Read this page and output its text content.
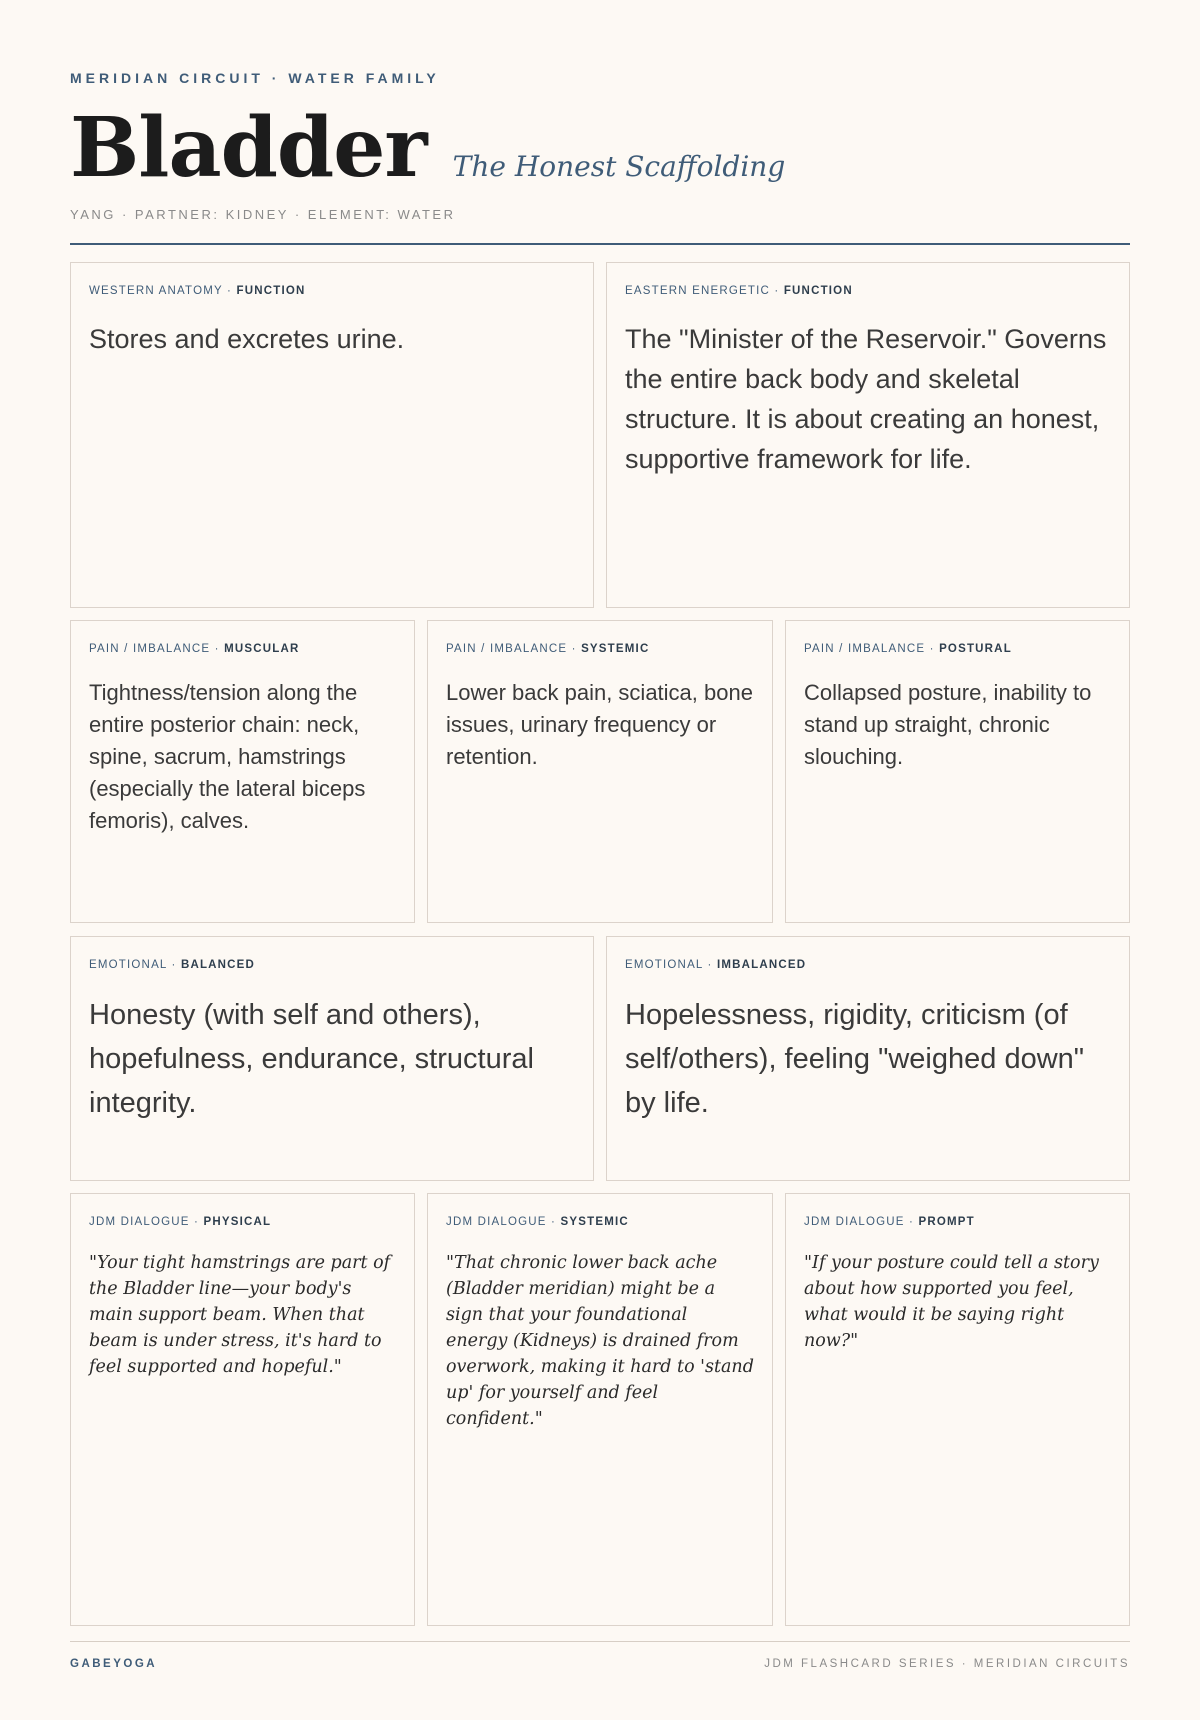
MERIDIAN CIRCUIT · WATER FAMILY
Bladder The Honest Scaffolding
YANG · PARTNER: KIDNEY · ELEMENT: WATER
WESTERN ANATOMY · FUNCTION
Stores and excretes urine.
EASTERN ENERGETIC · FUNCTION
The "Minister of the Reservoir." Governs the entire back body and skeletal structure. It is about creating an honest, supportive framework for life.
PAIN / IMBALANCE · MUSCULAR
Tightness/tension along the entire posterior chain: neck, spine, sacrum, hamstrings (especially the lateral biceps femoris), calves.
PAIN / IMBALANCE · SYSTEMIC
Lower back pain, sciatica, bone issues, urinary frequency or retention.
PAIN / IMBALANCE · POSTURAL
Collapsed posture, inability to stand up straight, chronic slouching.
EMOTIONAL · BALANCED
Honesty (with self and others), hopefulness, endurance, structural integrity.
EMOTIONAL · IMBALANCED
Hopelessness, rigidity, criticism (of self/others), feeling "weighed down" by life.
JDM DIALOGUE · PHYSICAL
"Your tight hamstrings are part of the Bladder line—your body's main support beam. When that beam is under stress, it's hard to feel supported and hopeful."
JDM DIALOGUE · SYSTEMIC
"That chronic lower back ache (Bladder meridian) might be a sign that your foundational energy (Kidneys) is drained from overwork, making it hard to 'stand up' for yourself and feel confident."
JDM DIALOGUE · PROMPT
"If your posture could tell a story about how supported you feel, what would it be saying right now?"
GABEYOGA	JDM FLASHCARD SERIES · MERIDIAN CIRCUITS
